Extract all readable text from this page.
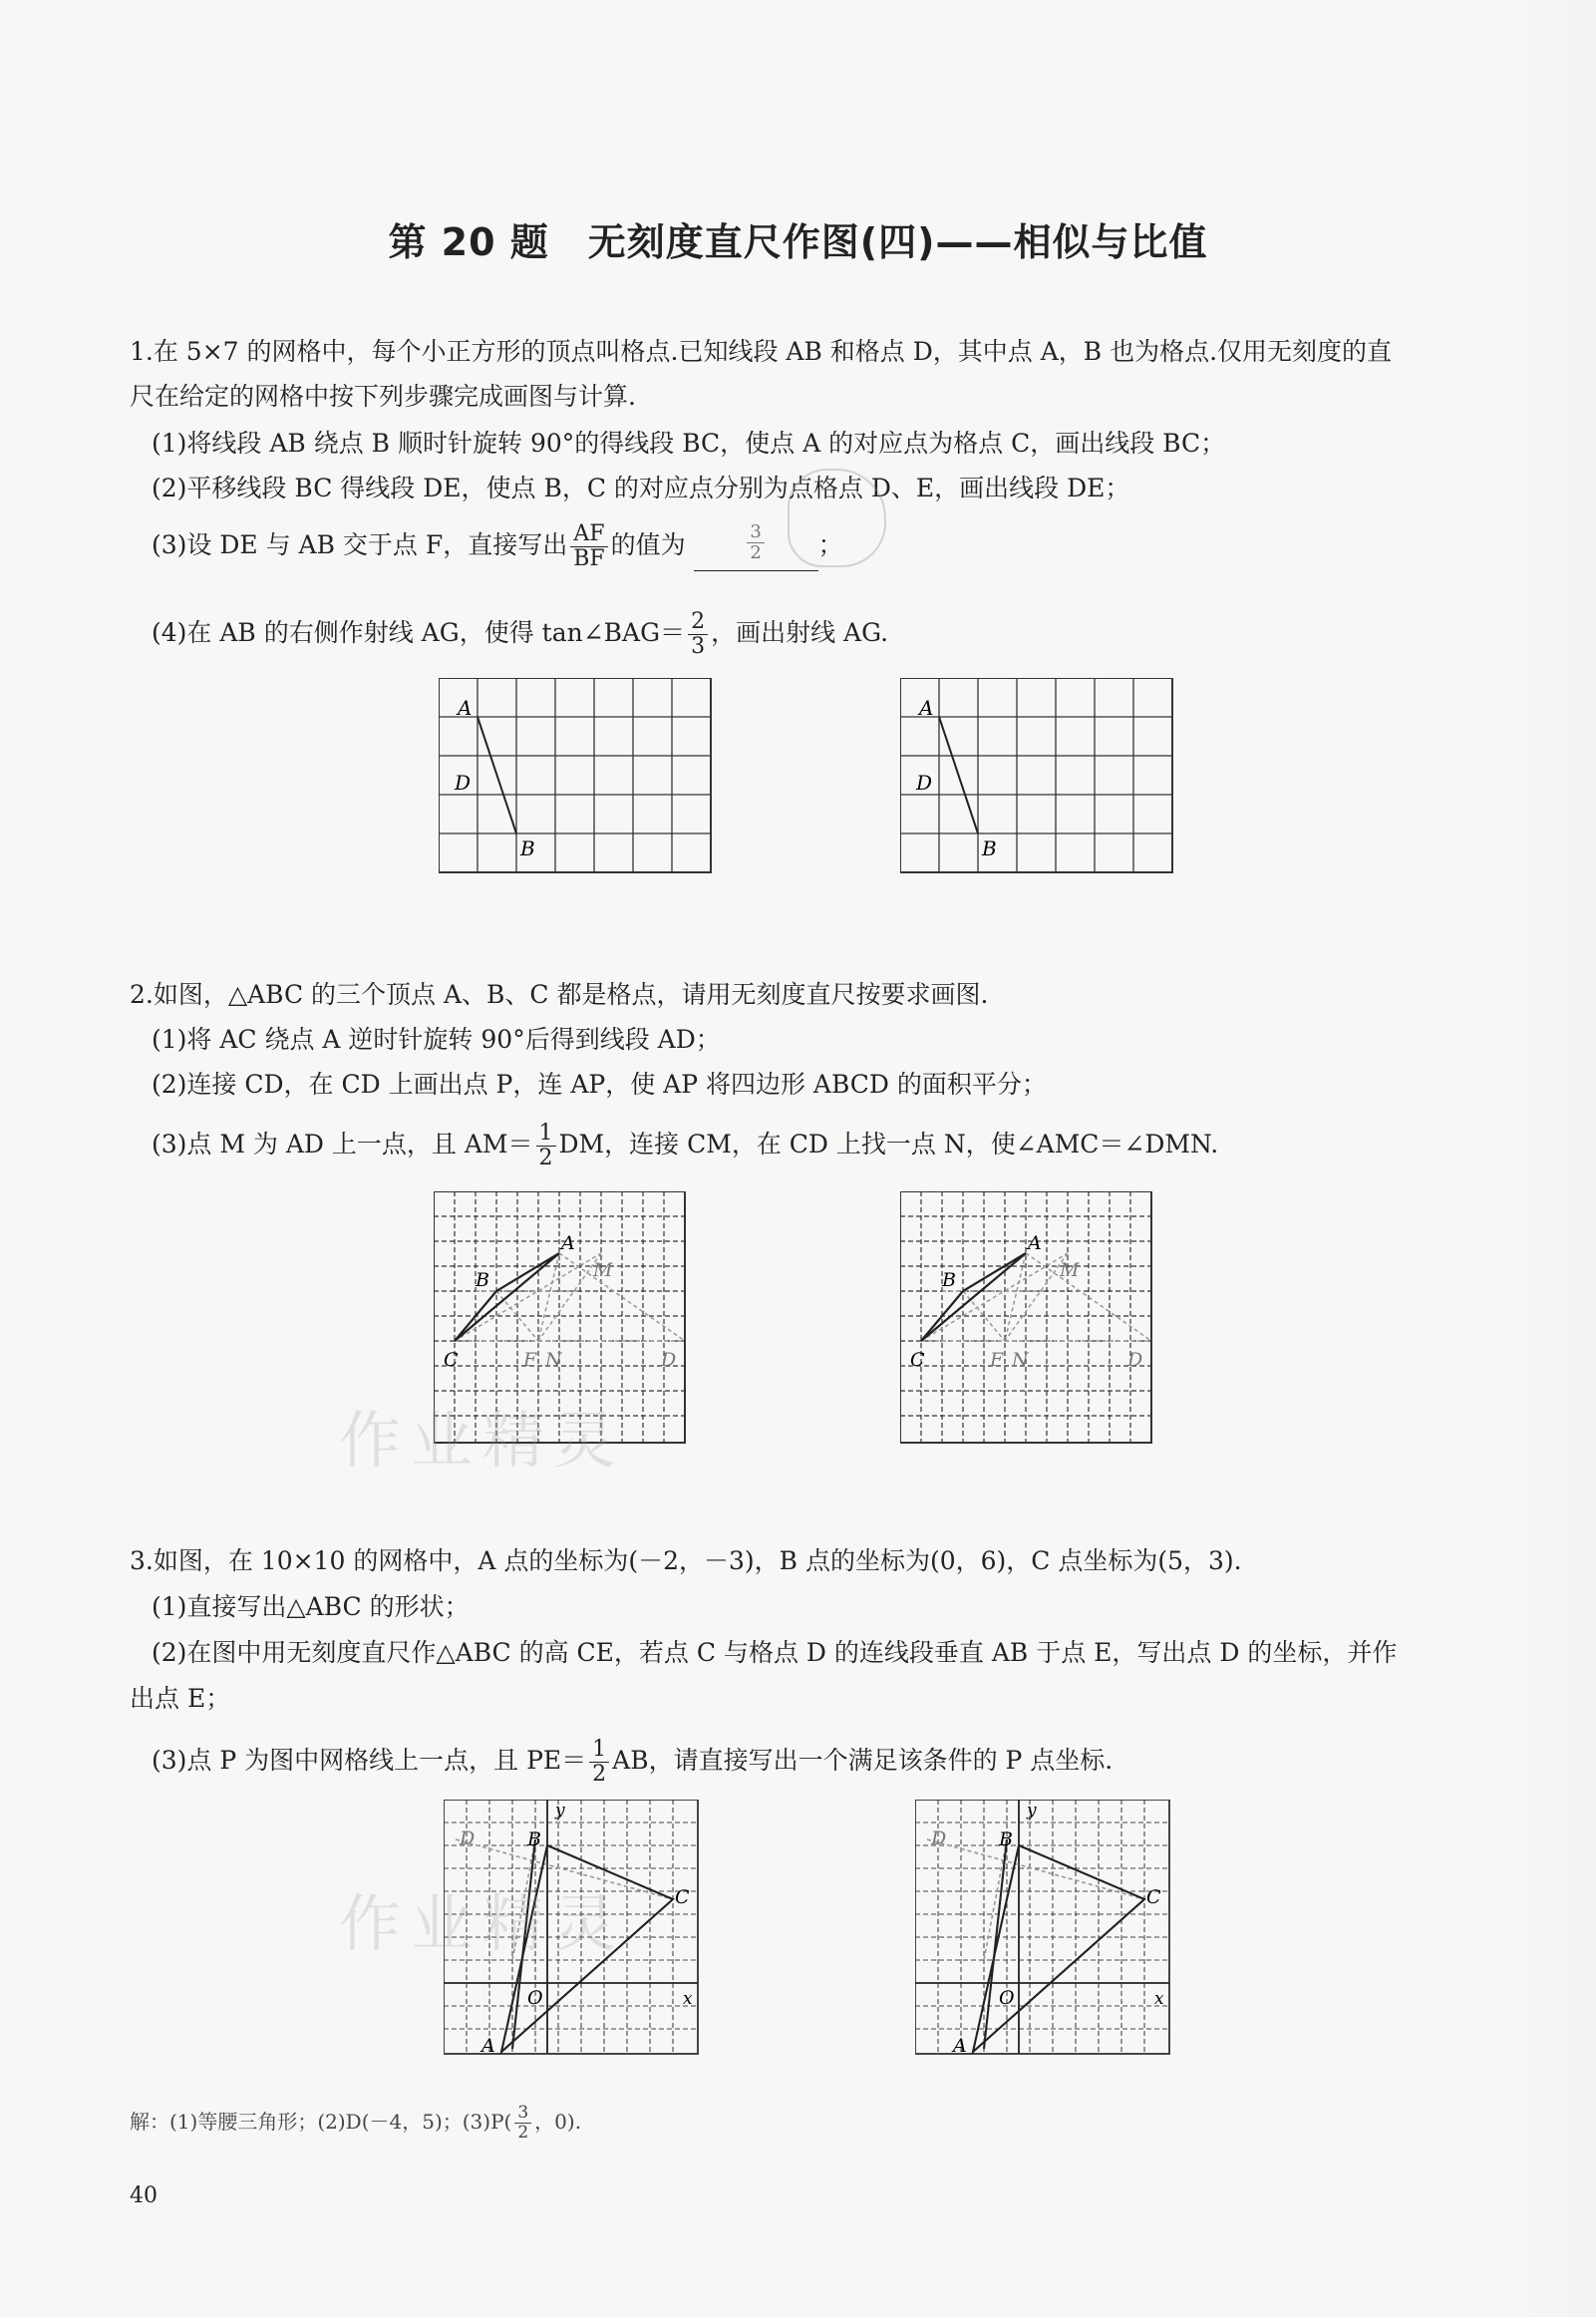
第 20 题　无刻度直尺作图(四)——相似与比值
1.在 5×7 的网格中，每个小正方形的顶点叫格点.已知线段 AB 和格点 D，其中点 A，B 也为格点.仅用无刻度的直
尺在给定的网格中按下列步骤完成画图与计算.
(1)将线段 AB 绕点 B 顺时针旋转 90°的得线段 BC，使点 A 的对应点为格点 C，画出线段 BC；
(2)平移线段 BC 得线段 DE，使点 B，C 的对应点分别为点格点 D、E，画出线段 DE；
(3)设 DE 与 AB 交于点 F，直接写出 $\frac{AF}{BF}$ 的值为	$\frac{3}{2}$ ；
(4)在 AB 的右侧作射线 AG，使得 tan∠BAG＝ $\frac{2}{3}$ ，画出射线 AG.
A
D
B
A
D
B
2.如图，△ABC 的三个顶点 A、B、C 都是格点，请用无刻度直尺按要求画图.
(1)将 AC 绕点 A 逆时针旋转 90°后得到线段 AD；
(2)连接 CD，在 CD 上画出点 P，连 AP，使 AP 将四边形 ABCD 的面积平分；
(3)点 M 为 AD 上一点，且 $AM= \frac{1}{2}$ DM，连接 CM，在 CD 上找一点 N，使∠AMC＝∠DMN.
A
B
C
M
F N	D
A
B
C
M
F N	D
作业精灵
3.如图，在 10×10 的网格中，A 点的坐标为(－2，－3)，B 点的坐标为(0，6)，C 点坐标为(5，3).
(1)直接写出△ABC 的形状；
(2)在图中用无刻度直尺作△ABC 的高 CE，若点 C 与格点 D 的连线段垂直 AB 于点 E，写出点 D 的坐标，并作
出点 E；
(3)点 P 为图中网格线上一点，且 $PE= \frac{1}{2}$ AB，请直接写出一个满足该条件的 P 点坐标.
D	B
C
A
O	x
y
D	B
C
A
O	x
y
作业精灵
解：(1)等腰三角形；(2)D(－4，5)；$(3)P( \frac{3}{2}$ ，0).
40
